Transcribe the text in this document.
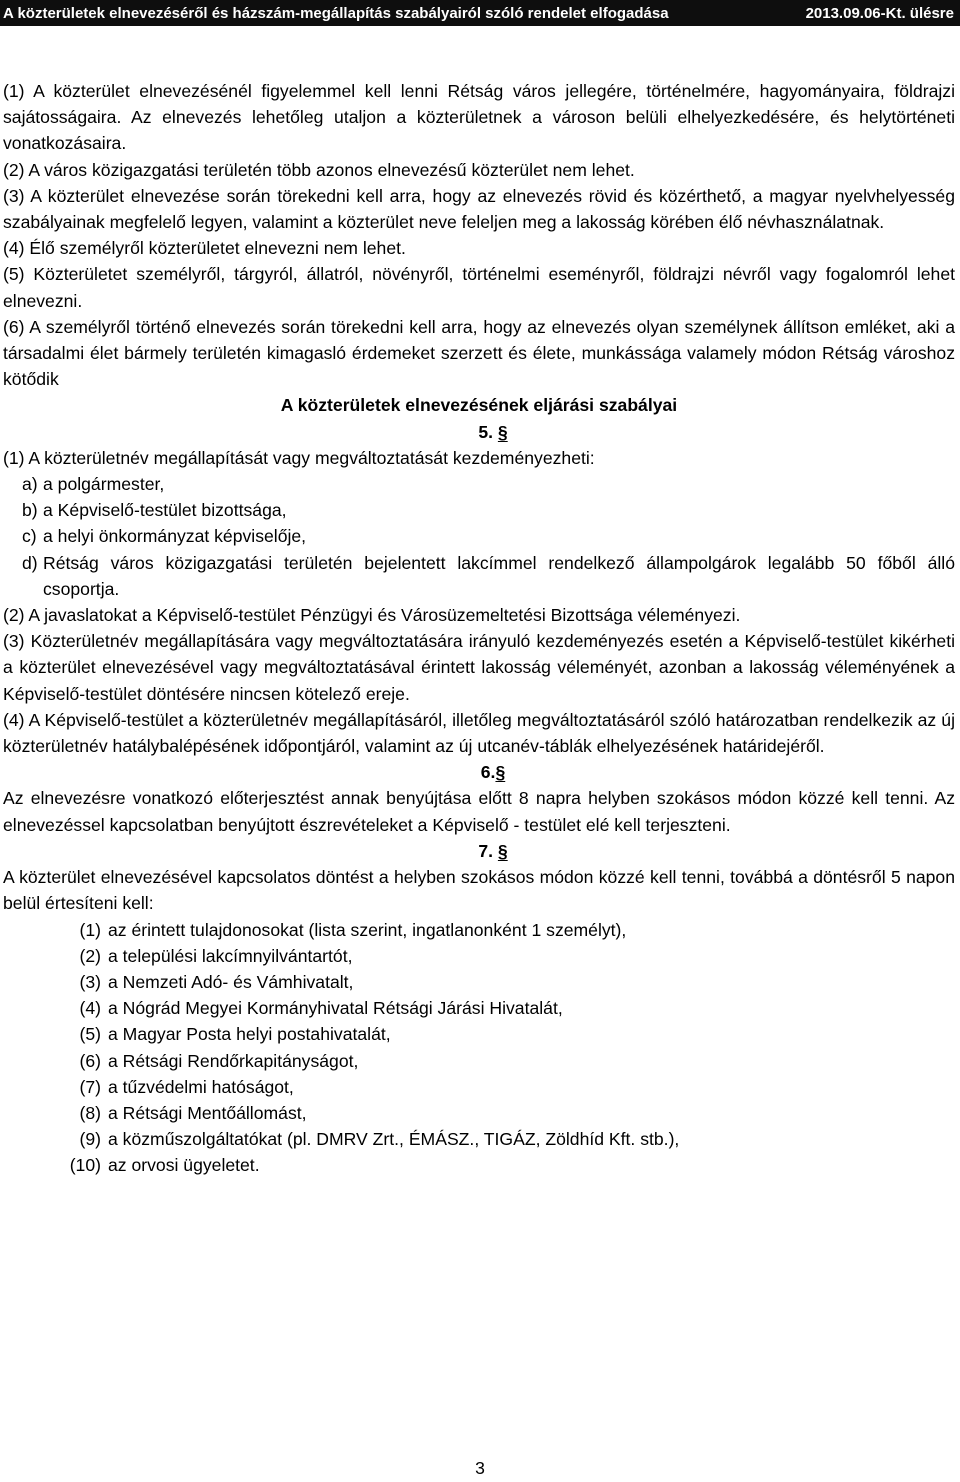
A közterületek elnevezéséről és házszám-megállapítás szabályairól szóló rendelet elfogadása	2013.09.06-Kt. ülésre

(1) A közterület elnevezésénél figyelemmel kell lenni Rétság város jellegére, történelmére, hagyományaira, földrajzi sajátosságaira. Az elnevezés lehetőleg utaljon a közterületnek a városon belüli elhelyezkedésére, és helytörténeti vonatkozásaira.

(2) A város közigazgatási területén több azonos elnevezésű közterület nem lehet.

(3) A közterület elnevezése során törekedni kell arra, hogy az elnevezés rövid és közérthető, a magyar nyelvhelyesség szabályainak megfelelő legyen, valamint a közterület neve feleljen meg a lakosság körében élő névhasználatnak.

(4) Élő személyről közterületet elnevezni nem lehet.

(5) Közterületet személyről, tárgyról, állatról, növényről, történelmi eseményről, földrajzi névről vagy fogalomról lehet elnevezni.

(6) A személyről történő elnevezés során törekedni kell arra, hogy az elnevezés olyan személynek állítson emléket, aki a társadalmi élet bármely területén kimagasló érdemeket szerzett és élete, munkássága valamely módon Rétság városhoz kötődik

A közterületek elnevezésének eljárási szabályai

5. §

(1) A közterületnév megállapítását vagy megváltoztatását kezdeményezheti:

a) a polgármester,
b) a Képviselő-testület bizottsága,
c) a helyi önkormányzat képviselője,
d) Rétság város közigazgatási területén bejelentett lakcímmel rendelkező állampolgárok legalább 50 főből álló csoportja.

(2) A javaslatokat a Képviselő-testület Pénzügyi és Városüzemeltetési Bizottsága véleményezi.

(3) Közterületnév megállapítására vagy megváltoztatására irányuló kezdeményezés esetén a Képviselő-testület kikérheti a közterület elnevezésével vagy megváltoztatásával érintett lakosság véleményét, azonban a lakosság véleményének a Képviselő-testület döntésére nincsen kötelező ereje.

(4) A Képviselő-testület a közterületnév megállapításáról, illetőleg megváltoztatásáról szóló határozatban rendelkezik az új közterületnév hatálybalépésének időpontjáról, valamint az új utcanév-táblák elhelyezésének határidejéről.

6.§

Az elnevezésre vonatkozó előterjesztést annak benyújtása előtt 8 napra helyben szokásos módon közzé kell tenni. Az elnevezéssel kapcsolatban benyújtott észrevételeket a Képviselő - testület elé kell terjeszteni.

7. §

A közterület elnevezésével kapcsolatos döntést a helyben szokásos módon közzé kell tenni, továbbá a döntésről 5 napon belül értesíteni kell:

(1) az érintett tulajdonosokat (lista szerint, ingatlanonként 1 személyt),
(2) a települési lakcímnyilvántartót,
(3) a Nemzeti Adó- és Vámhivatalt,
(4) a Nógrád Megyei Kormányhivatal Rétsági Járási Hivatalát,
(5) a Magyar Posta helyi postahivatalát,
(6) a Rétsági Rendőrkapitányságot,
(7) a tűzvédelmi hatóságot,
(8) a Rétsági Mentőállomást,
(9) a közműszolgáltatókat (pl. DMRV Zrt., ÉMÁSZ., TIGÁZ, Zöldhíd Kft. stb.),
(10) az orvosi ügyeletet.
3
